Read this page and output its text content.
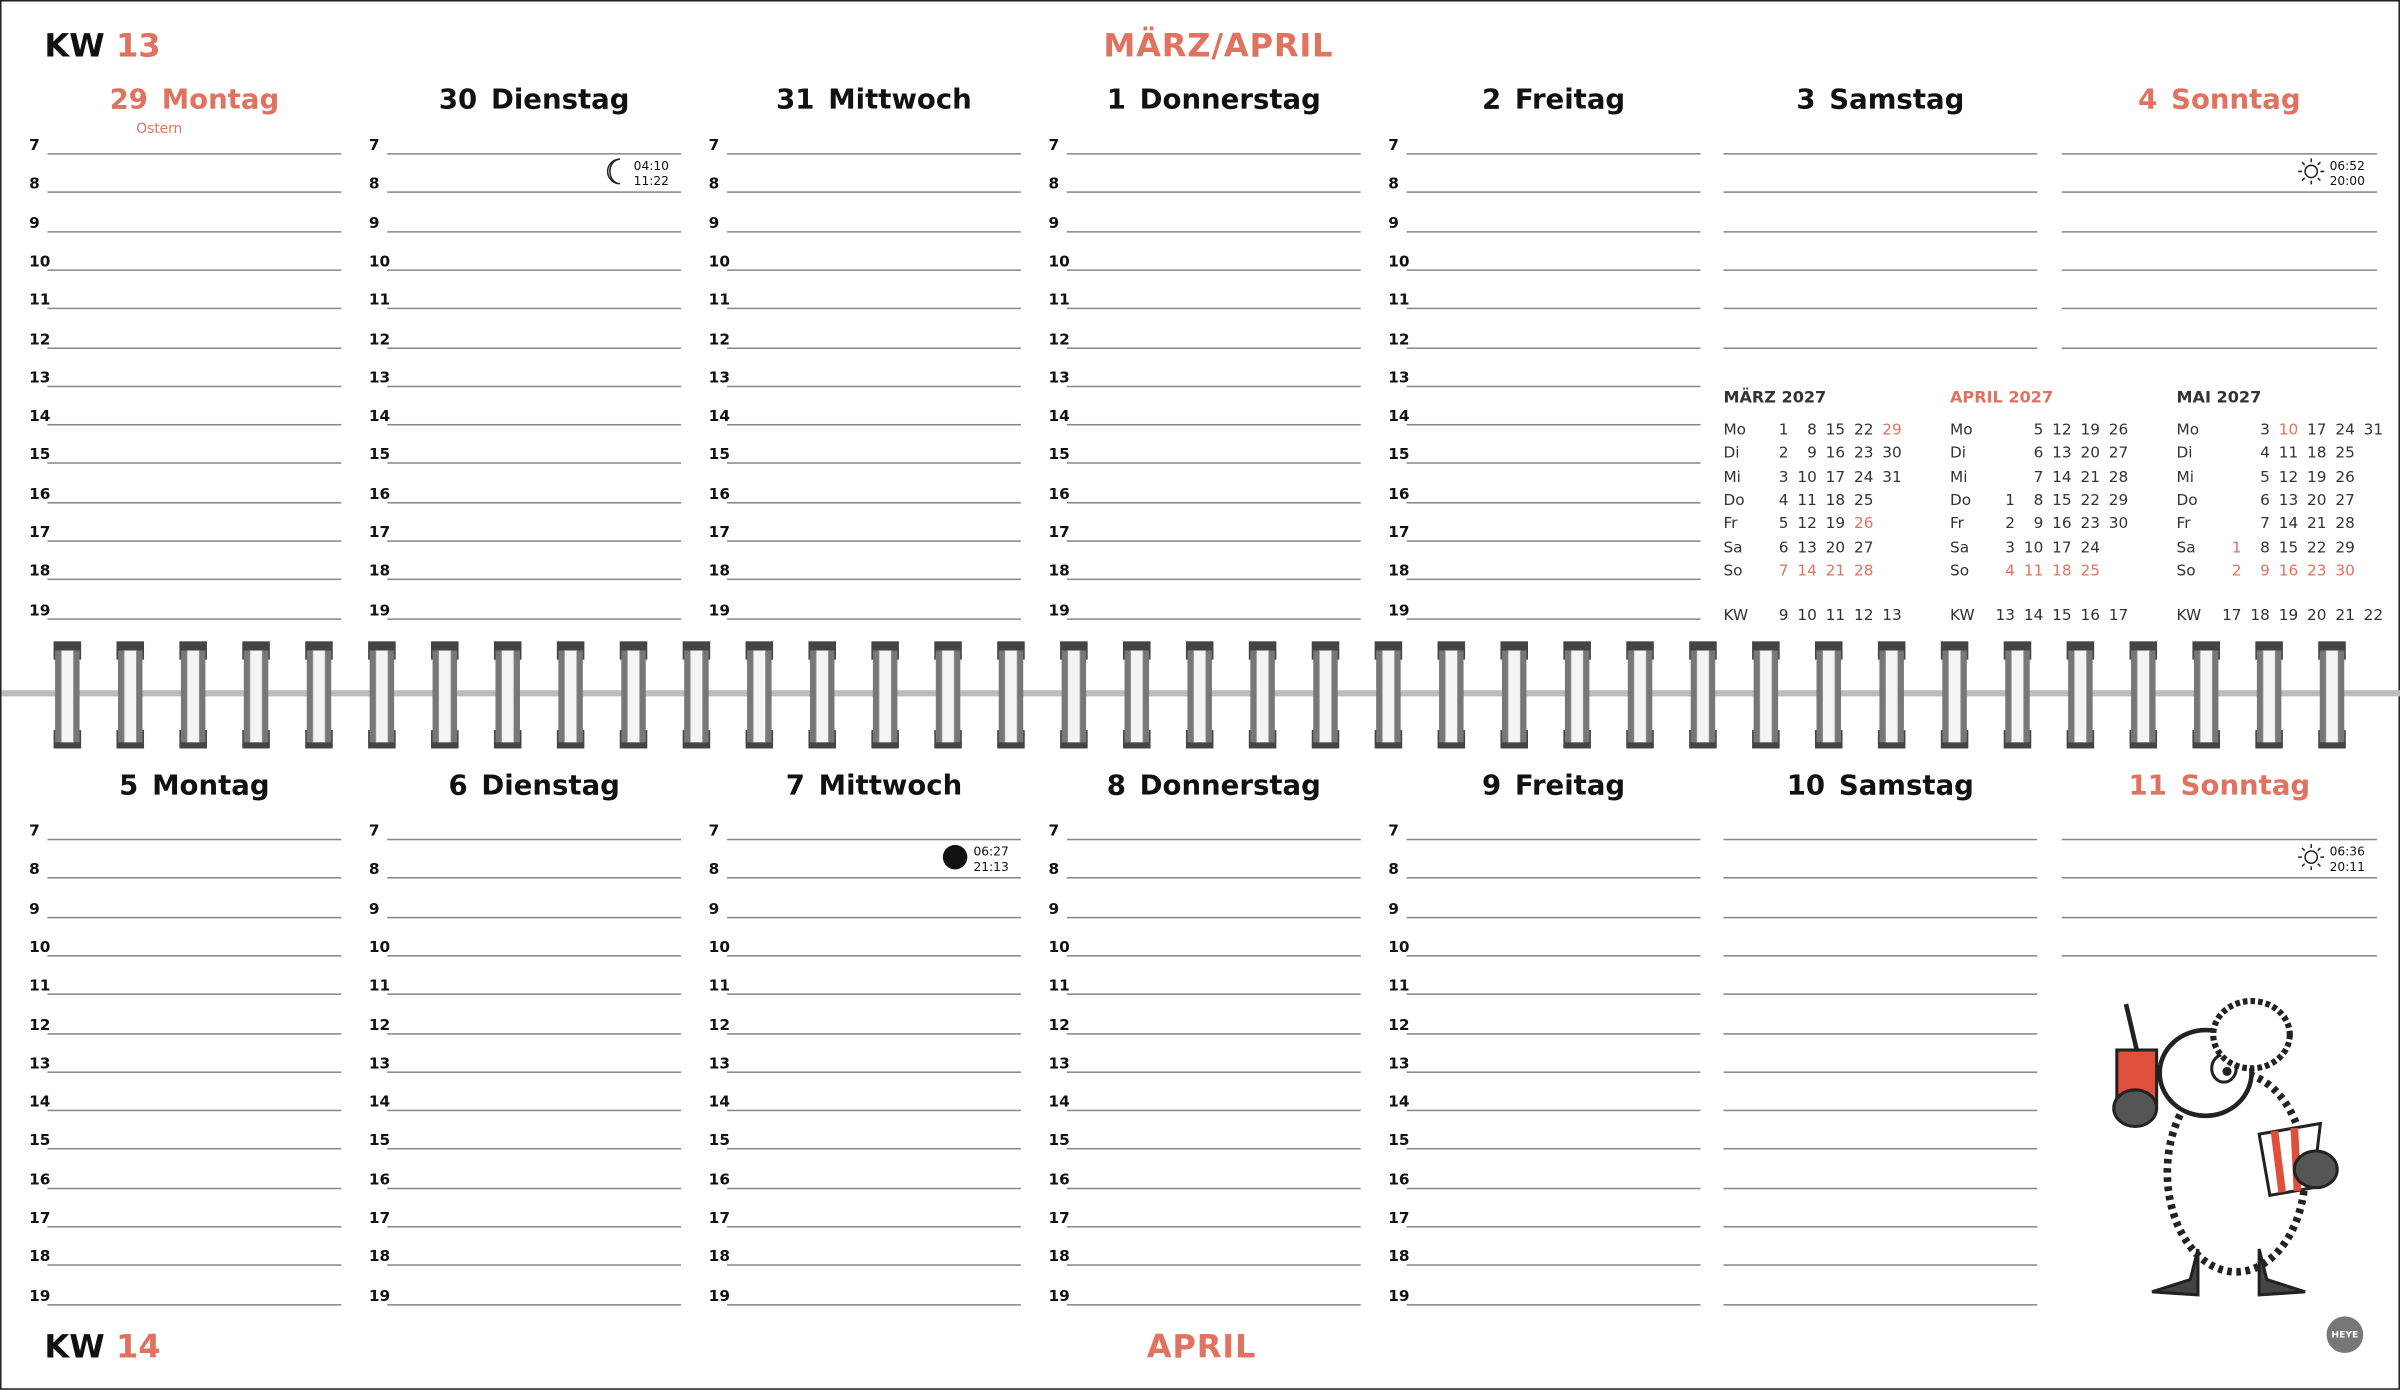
KW 13	MÄRZ/APRIL
KW 14	APRIL
29 Montag
Ostern
7
8
9
10
11
12
13
14
15
16
17
18
19
30 Dienstag
7
8
9
10
11
12
13
14
15
16
17
18
19
04:10
11:22
31 Mittwoch
7
8
9
10
11
12
13
14
15
16
17
18
19
1 Donnerstag
7
8
9
10
11
12
13
14
15
16
17
18
19
2 Freitag
7
8
9
10
11
12
13
14
15
16
17
18
19
3 Samstag	4 Sonntag
06:52
20:00
5 Montag
7
8
9
10
11
12
13
14
15
16
17
18
19
6 Dienstag
7
8
9
10
11
12
13
14
15
16
17
18
19
7 Mittwoch
7
8
9
10
11
12
13
14
15
16
17
18
19
06:27
21:13
8 Donnerstag
7
8
9
10
11
12
13
14
15
16
17
18
19
9 Freitag
7
8
9
10
11
12
13
14
15
16
17
18
19
10 Samstag	11 Sonntag
06:36
20:11
MÄRZ 2027
Mo	1	8	15	22	29	
Di	2	9	16	23	30	
Mi	3	10	17	24	31	
Do	4	11	18	25		
Fr	5	12	19	26		
Sa	6	13	20	27		
So	7	14	21	28		
KW	9	10	11	12	13	
APRIL 2027
Mo		5	12	19	26	
Di		6	13	20	27	
Mi		7	14	21	28	
Do	1	8	15	22	29	
Fr	2	9	16	23	30	
Sa	3	10	17	24		
So	4	11	18	25		
KW	13	14	15	16	17	
MAI 2027
Mo		3	10	17	24	31
Di		4	11	18	25	
Mi		5	12	19	26	
Do		6	13	20	27	
Fr		7	14	21	28	
Sa	1	8	15	22	29	
So	2	9	16	23	30	
KW	17	18	19	20	21	22
HEYE
